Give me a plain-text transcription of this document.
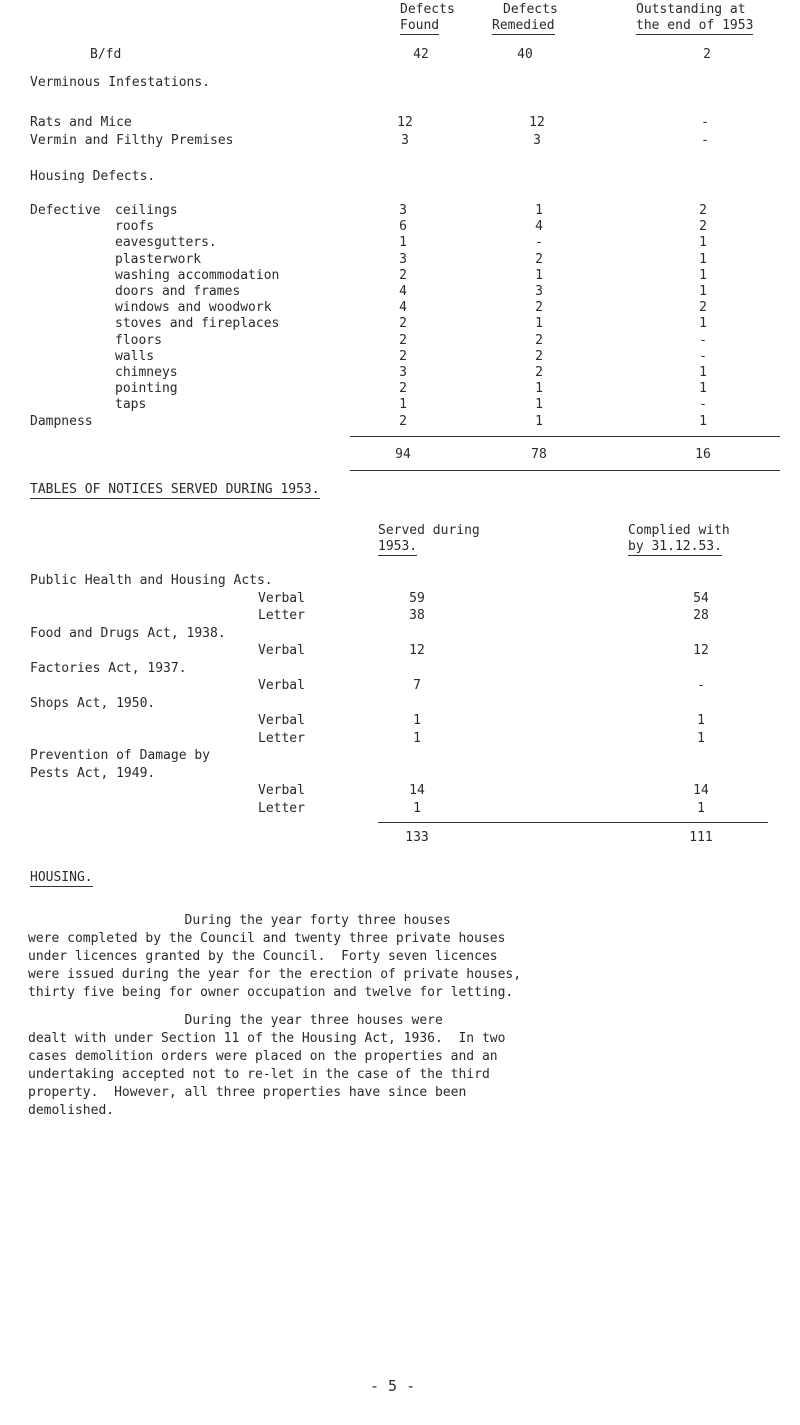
Defects
Found
Defects
Remedied
Outstanding at
the end of 1953
B/fd	42	40	2
Verminous Infestations.
Rats and Mice	12	12	-
Vermin and Filthy Premises	3	3	-
Housing Defects.
Defective ceilings	3	1	2
roofs	6	4	2
eavesgutters.	1	-	1
plasterwork	3	2	1
washing accommodation	2	1	1
doors and frames	4	3	1
windows and woodwork	4	2	2
stoves and fireplaces	2	1	1
floors	2	2	-
walls	2	2	-
chimneys	3	2	1
pointing	2	1	1
taps	1	1	-
Dampness	2	1	1
94	78	16
TABLES OF NOTICES SERVED DURING 1953.
Served during
1953.
Complied with
by 31.12.53.
Public Health and Housing Acts.
Verbal	59	54
Letter	38	28
Food and Drugs Act, 1938.
Verbal	12	12
Factories Act, 1937.
Verbal	7	-
Shops Act, 1950.
Verbal	1	1
Letter	1	1
Prevention of Damage by
Pests Act, 1949.
Verbal	14	14
Letter	1	1
133	111
HOUSING.
During the year forty three houses
were completed by the Council and twenty three private houses
under licences granted by the Council.  Forty seven licences
were issued during the year for the erection of private houses,
thirty five being for owner occupation and twelve for letting.
During the year three houses were
dealt with under Section 11 of the Housing Act, 1936.  In two
cases demolition orders were placed on the properties and an
undertaking accepted not to re-let in the case of the third
property.  However, all three properties have since been
demolished.
- 5 -
